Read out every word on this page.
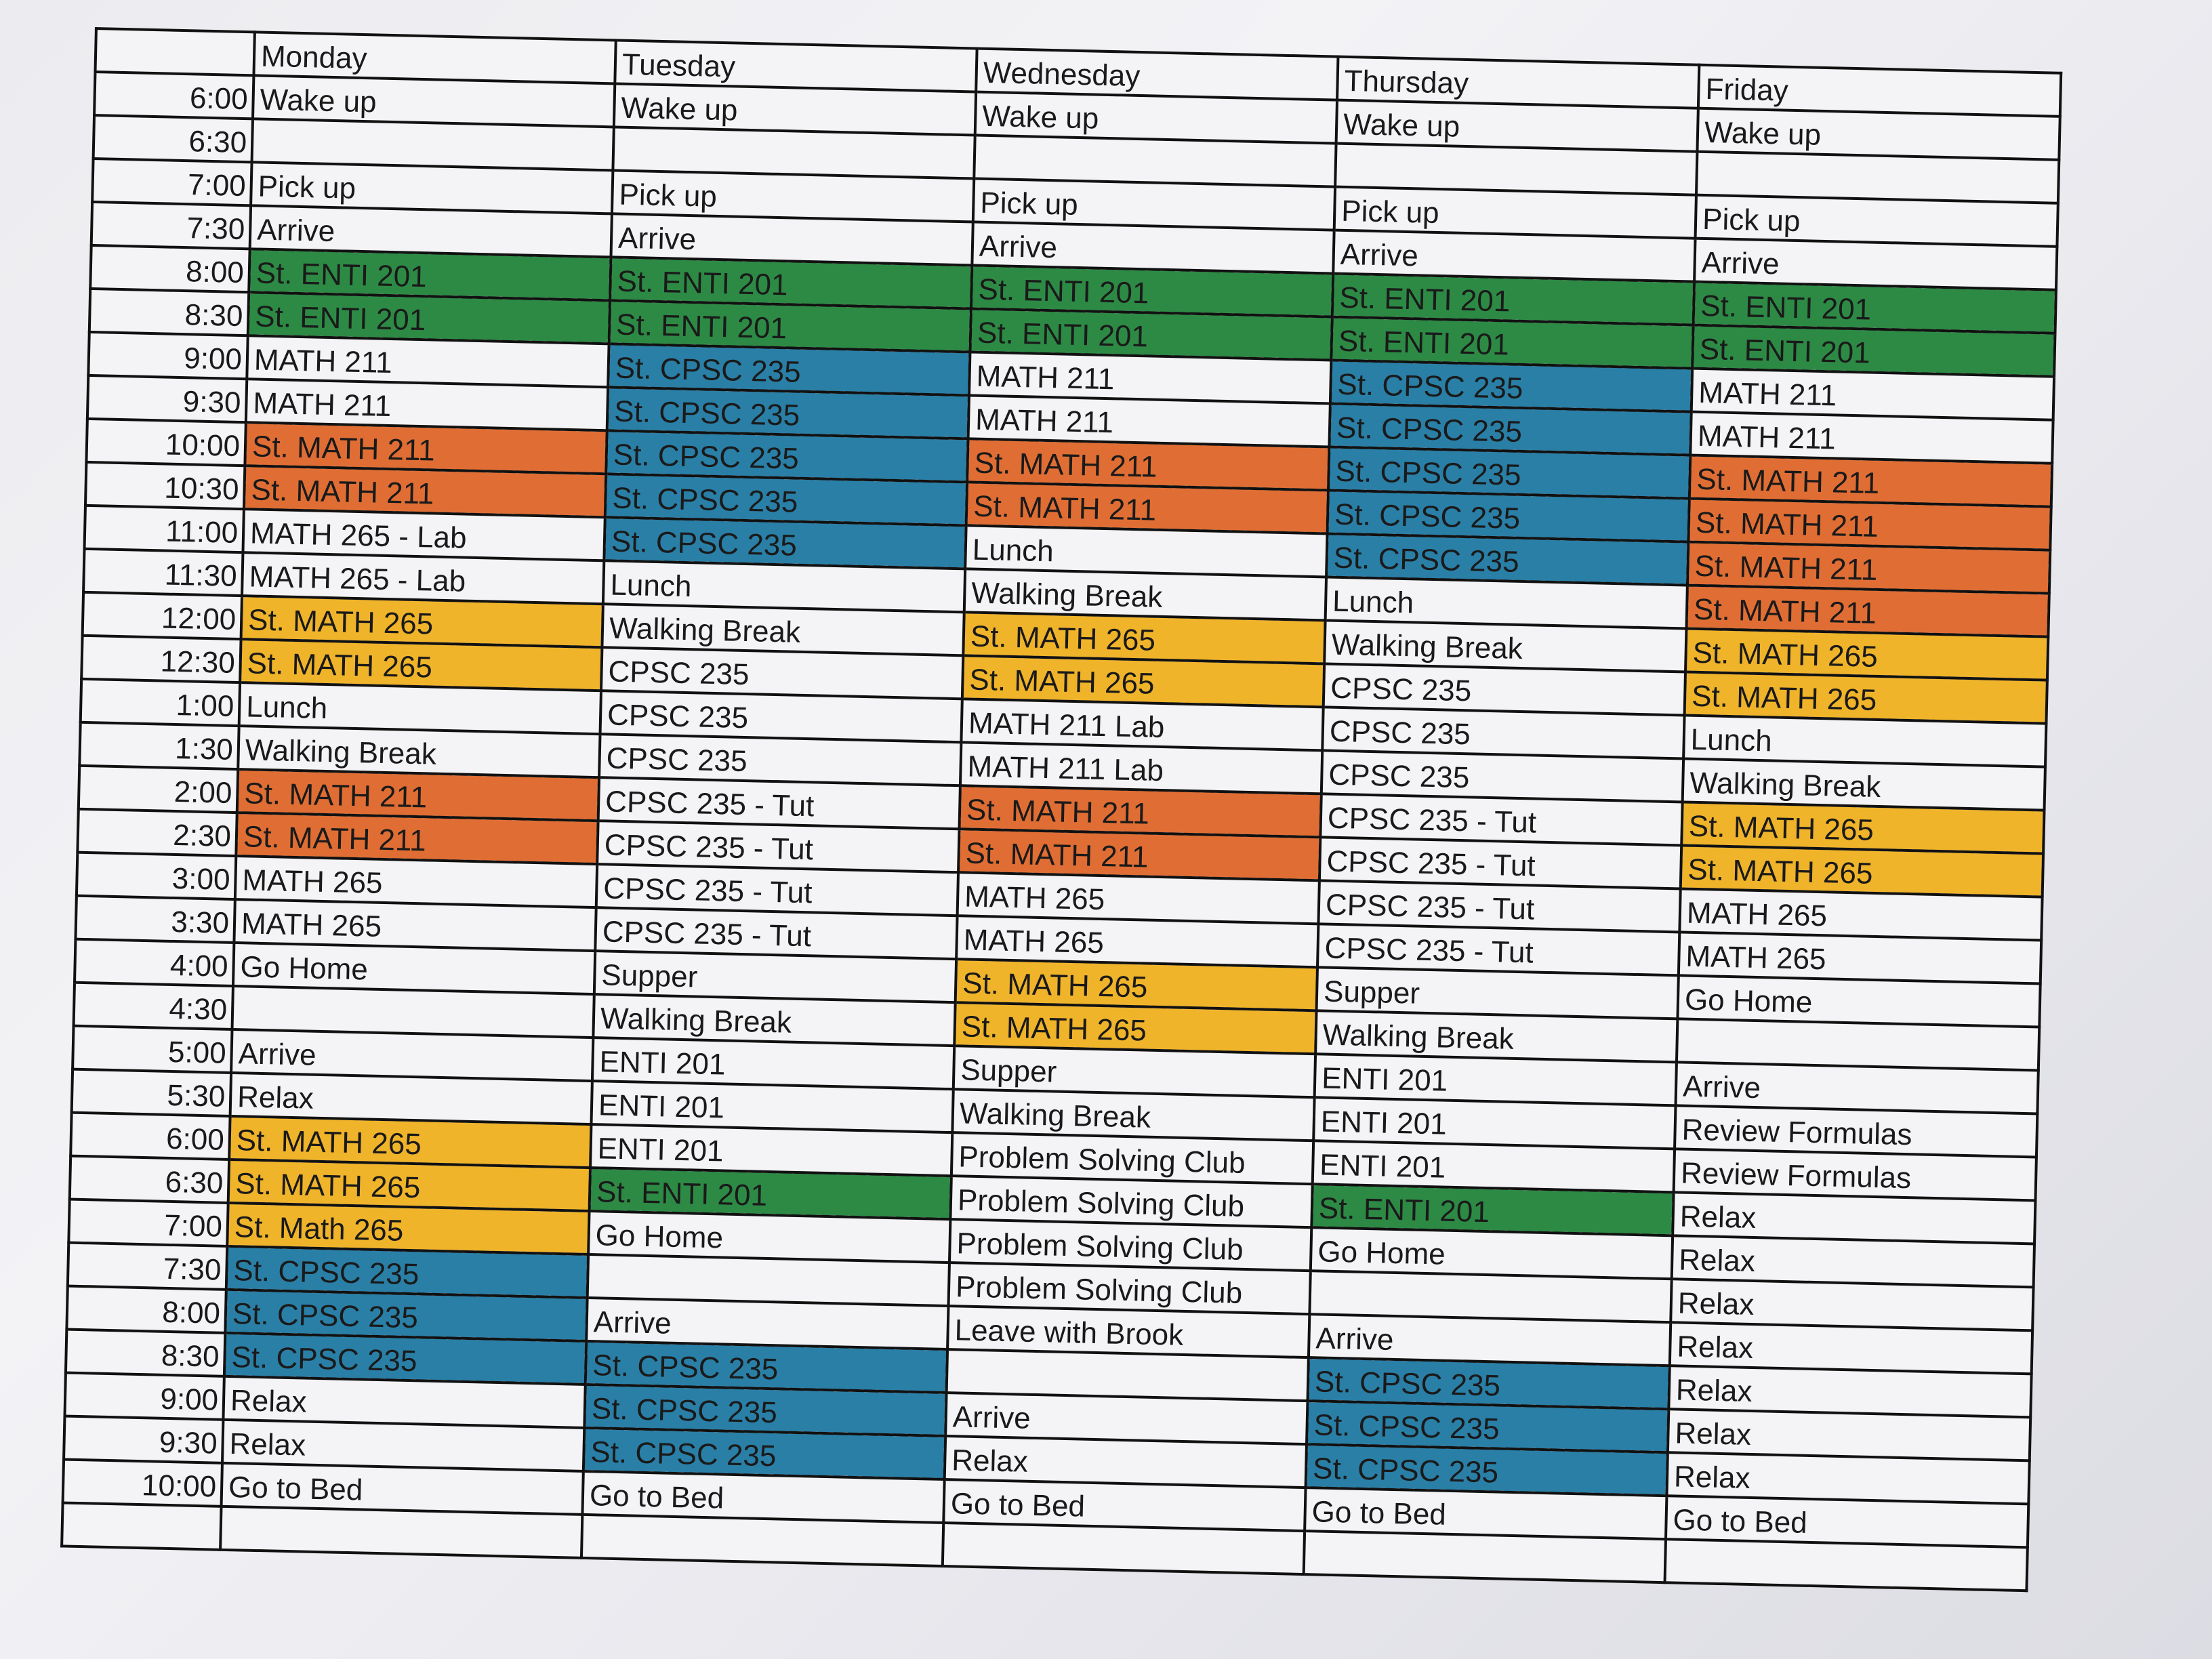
	Monday	Tuesday	Wednesday	Thursday	Friday
6:00	Wake up	Wake up	Wake up	Wake up	Wake up
6:30					
7:00	Pick up	Pick up	Pick up	Pick up	Pick up
7:30	Arrive	Arrive	Arrive	Arrive	Arrive
8:00	St. ENTI 201	St. ENTI 201	St. ENTI 201	St. ENTI 201	St. ENTI 201
8:30	St. ENTI 201	St. ENTI 201	St. ENTI 201	St. ENTI 201	St. ENTI 201
9:00	MATH 211	St. CPSC 235	MATH 211	St. CPSC 235	MATH 211
9:30	MATH 211	St. CPSC 235	MATH 211	St. CPSC 235	MATH 211
10:00	St. MATH 211	St. CPSC 235	St. MATH 211	St. CPSC 235	St. MATH 211
10:30	St. MATH 211	St. CPSC 235	St. MATH 211	St. CPSC 235	St. MATH 211
11:00	MATH 265 - Lab	St. CPSC 235	Lunch	St. CPSC 235	St. MATH 211
11:30	MATH 265 - Lab	Lunch	Walking Break	Lunch	St. MATH 211
12:00	St. MATH 265	Walking Break	St. MATH 265	Walking Break	St. MATH 265
12:30	St. MATH 265	CPSC 235	St. MATH 265	CPSC 235	St. MATH 265
1:00	Lunch	CPSC 235	MATH 211 Lab	CPSC 235	Lunch
1:30	Walking Break	CPSC 235	MATH 211 Lab	CPSC 235	Walking Break
2:00	St. MATH 211	CPSC 235 - Tut	St. MATH 211	CPSC 235 - Tut	St. MATH 265
2:30	St. MATH 211	CPSC 235 - Tut	St. MATH 211	CPSC 235 - Tut	St. MATH 265
3:00	MATH 265	CPSC 235 - Tut	MATH 265	CPSC 235 - Tut	MATH 265
3:30	MATH 265	CPSC 235 - Tut	MATH 265	CPSC 235 - Tut	MATH 265
4:00	Go Home	Supper	St. MATH 265	Supper	Go Home
4:30		Walking Break	St. MATH 265	Walking Break	
5:00	Arrive	ENTI 201	Supper	ENTI 201	Arrive
5:30	Relax	ENTI 201	Walking Break	ENTI 201	Review Formulas
6:00	St. MATH 265	ENTI 201	Problem Solving Club	ENTI 201	Review Formulas
6:30	St. MATH 265	St. ENTI 201	Problem Solving Club	St. ENTI 201	Relax
7:00	St. Math 265	Go Home	Problem Solving Club	Go Home	Relax
7:30	St. CPSC 235		Problem Solving Club		Relax
8:00	St. CPSC 235	Arrive	Leave with Brook	Arrive	Relax
8:30	St. CPSC 235	St. CPSC 235		St. CPSC 235	Relax
9:00	Relax	St. CPSC 235	Arrive	St. CPSC 235	Relax
9:30	Relax	St. CPSC 235	Relax	St. CPSC 235	Relax
10:00	Go to Bed	Go to Bed	Go to Bed	Go to Bed	Go to Bed
